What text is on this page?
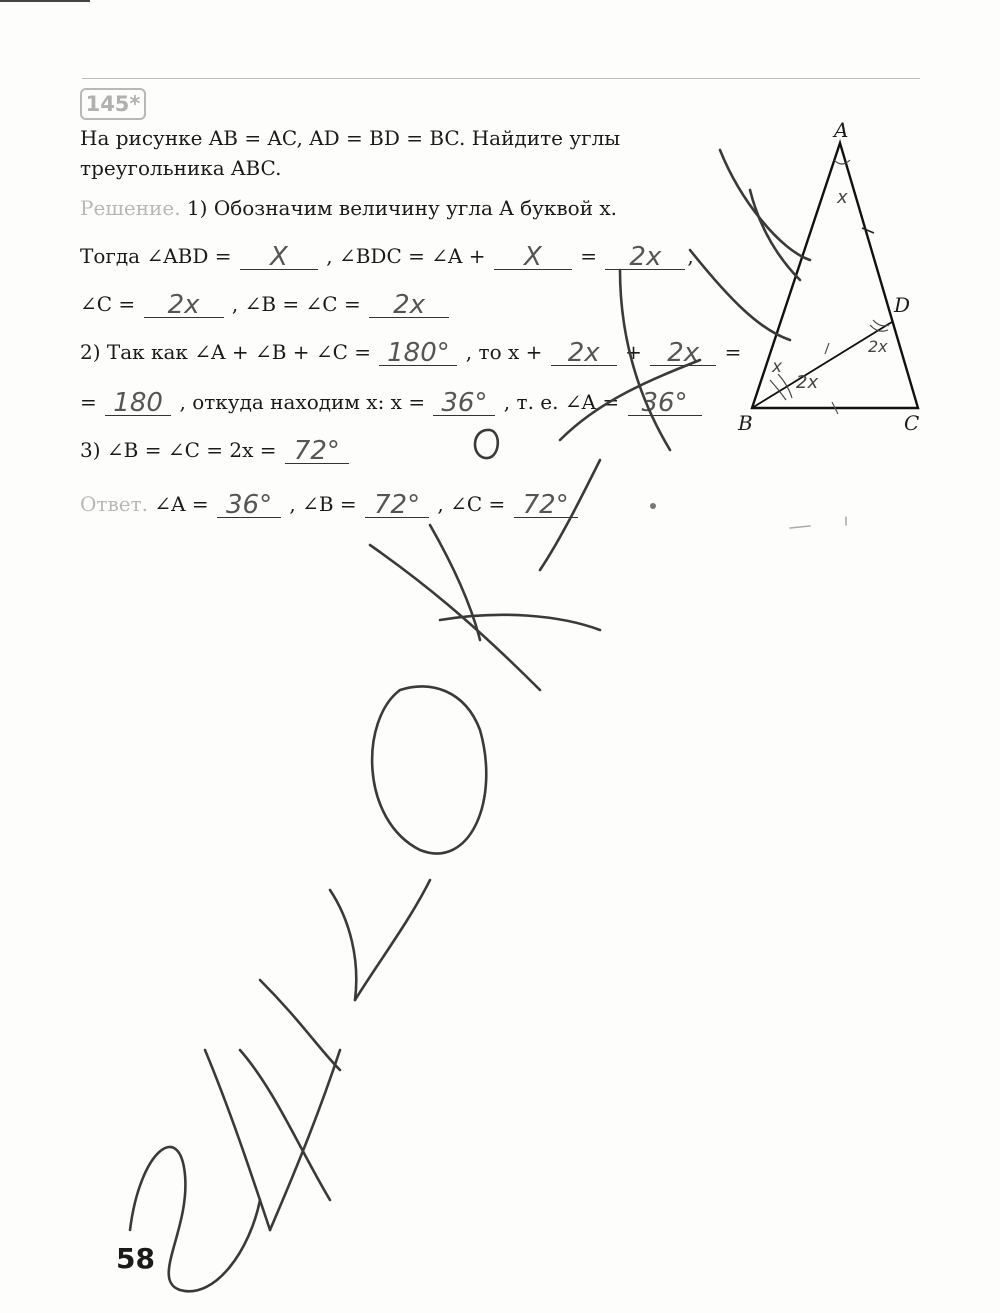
145*
На рисунке AB = AC, AD = BD = BC. Найдите углы
треугольника ABC.
Решение. 1) Обозначим величину угла A буквой x.
Тогда ∠ABD = X , ∠BDC = ∠A + X = 2x ,
∠C = 2x , ∠B = ∠C = 2x
2) Так как ∠A + ∠B + ∠C = 180° , то x + 2x + 2x =
= 180 , откуда находим x: x = 36° , т. е. ∠A = 36°
3) ∠B = ∠C = 2x = 72°
Ответ. ∠A = 36° , ∠B = 72° , ∠C = 72°
A
B	C
D
x
x
2x
2x
58
